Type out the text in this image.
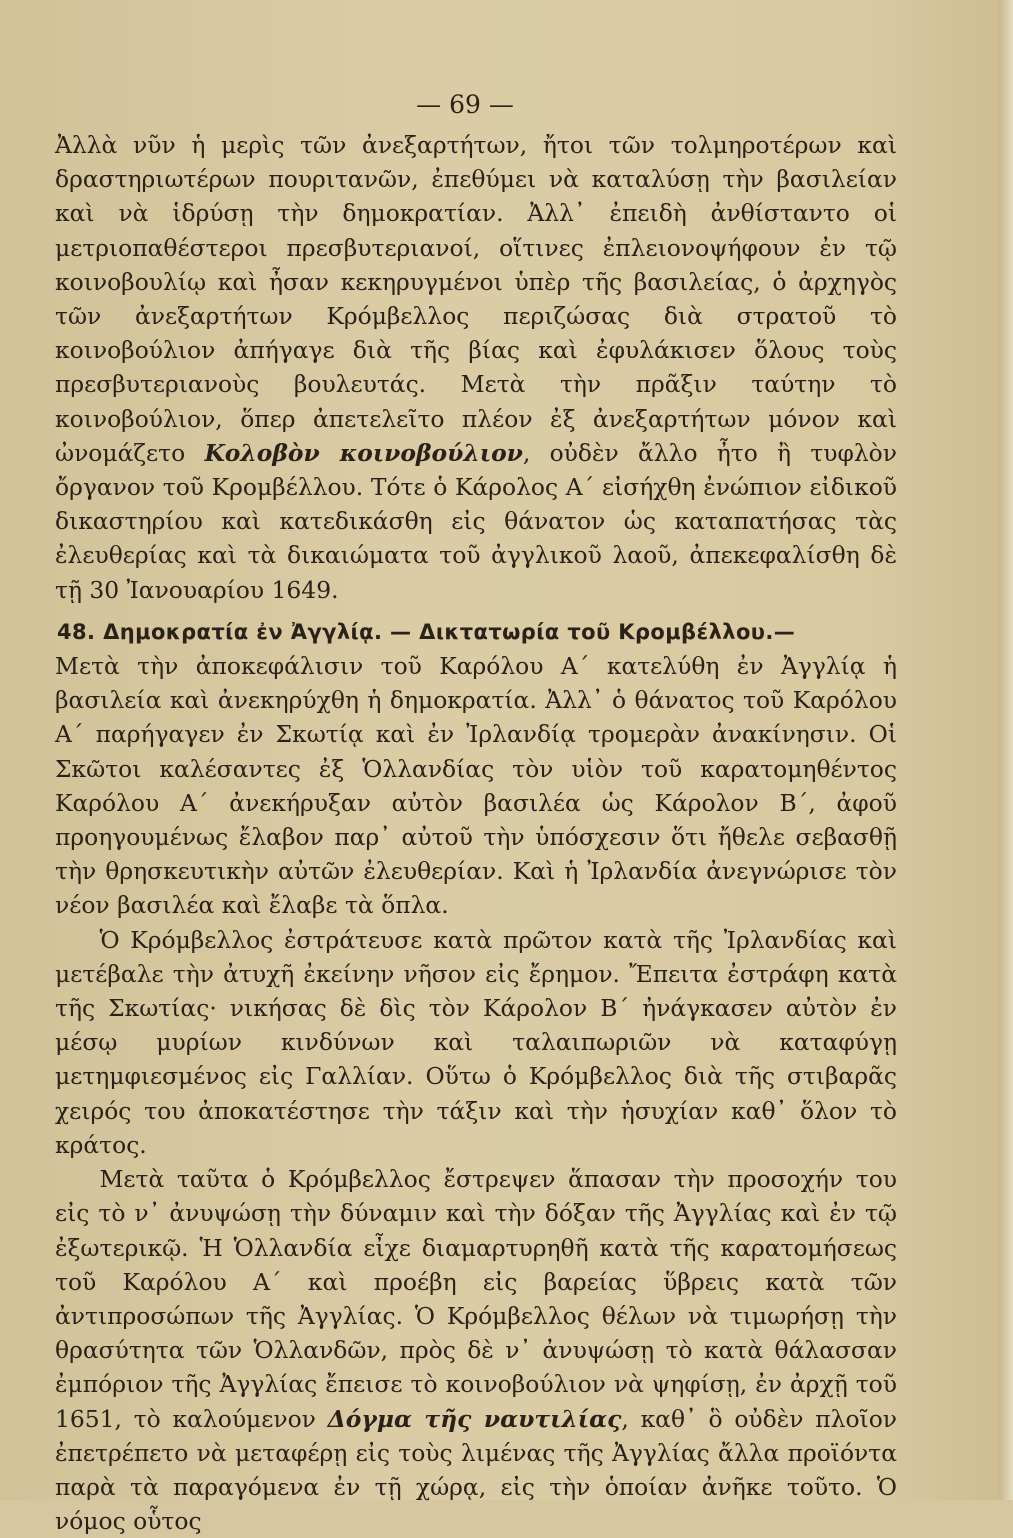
— 69 —

Ἀλλὰ νῦν ἡ μερὶς τῶν ἀνεξαρτήτων, ἤτοι τῶν τολμηροτέρων καὶ δραστηριωτέρων πουριτανῶν, ἐπεθύμει νὰ καταλύσῃ τὴν βασιλείαν καὶ νὰ ἱδρύσῃ τὴν δημοκρατίαν. Ἀλλ᾽ ἐπειδὴ ἀνθίσταντο οἱ μετριοπαθέστεροι πρεσβυτεριανοί, οἵτινες ἐπλειονοψήφουν ἐν τῷ κοινοβουλίῳ καὶ ἦσαν κεκηρυγμένοι ὑπὲρ τῆς βασιλείας, ὁ ἀρχηγὸς τῶν ἀνεξαρτήτων Κρόμβελλος περιζώσας διὰ στρατοῦ τὸ κοινοβούλιον ἀπήγαγε διὰ τῆς βίας καὶ ἐφυλάκισεν ὅλους τοὺς πρεσβυτεριανοὺς βουλευτάς. Μετὰ τὴν πρᾶξιν ταύτην τὸ κοινοβούλιον, ὅπερ ἀπετελεῖτο πλέον ἐξ ἀνεξαρτήτων μόνον καὶ ὠνομάζετο Κολοβὸν κοινοβούλιον, οὐδὲν ἄλλο ἦτο ἢ τυφλὸν ὄργανον τοῦ Κρομβέλλου. Τότε ὁ Κάρολος Α΄ εἰσήχθη ἐνώπιον εἰδικοῦ δικαστηρίου καὶ κατεδικάσθη εἰς θάνατον ὡς καταπατήσας τὰς ἐλευθερίας καὶ τὰ δικαιώματα τοῦ ἀγγλικοῦ λαοῦ, ἀπεκεφαλίσθη δὲ τῇ 30 Ἰανουαρίου 1649.

48. Δημοκρατία ἐν Ἀγγλίᾳ. — Δικτατωρία τοῦ Κρομβέλλου.—

Μετὰ τὴν ἀποκεφάλισιν τοῦ Καρόλου Α΄ κατελύθη ἐν Ἀγγλίᾳ ἡ βασιλεία καὶ ἀνεκηρύχθη ἡ δημοκρατία. Ἀλλ᾽ ὁ θάνατος τοῦ Καρόλου Α΄ παρήγαγεν ἐν Σκωτίᾳ καὶ ἐν Ἰρλανδίᾳ τρομερὰν ἀνακίνησιν. Οἱ Σκῶτοι καλέσαντες ἐξ Ὁλλανδίας τὸν υἱὸν τοῦ καρατομηθέντος Καρόλου Α΄ ἀνεκήρυξαν αὐτὸν βασιλέα ὡς Κάρολον Β΄, ἀφοῦ προηγουμένως ἔλαβον παρ᾽ αὐτοῦ τὴν ὑπόσχεσιν ὅτι ἤθελε σεβασθῇ τὴν θρησκευτικὴν αὐτῶν ἐλευθερίαν. Καὶ ἡ Ἰρλανδία ἀνεγνώρισε τὸν νέον βασιλέα καὶ ἔλαβε τὰ ὅπλα.

Ὁ Κρόμβελλος ἐστράτευσε κατὰ πρῶτον κατὰ τῆς Ἰρλανδίας καὶ μετέβαλε τὴν ἀτυχῆ ἐκείνην νῆσον εἰς ἔρημον. Ἔπειτα ἐστράφη κατὰ τῆς Σκωτίας· νικήσας δὲ δὶς τὸν Κάρολον Β΄ ἠνάγκασεν αὐτὸν ἐν μέσῳ μυρίων κινδύνων καὶ ταλαιπωριῶν νὰ καταφύγῃ μετημφιεσμένος εἰς Γαλλίαν. Οὕτω ὁ Κρόμβελλος διὰ τῆς στιβαρᾶς χειρός του ἀποκατέστησε τὴν τάξιν καὶ τὴν ἡσυχίαν καθ᾽ ὅλον τὸ κράτος.

Μετὰ ταῦτα ὁ Κρόμβελλος ἔστρεψεν ἅπασαν τὴν προσοχήν του εἰς τὸ ν᾽ ἀνυψώσῃ τὴν δύναμιν καὶ τὴν δόξαν τῆς Ἀγγλίας καὶ ἐν τῷ ἐξωτερικῷ. Ἡ Ὁλλανδία εἶχε διαμαρτυρηθῆ κατὰ τῆς καρατομήσεως τοῦ Καρόλου Α΄ καὶ προέβη εἰς βαρείας ὕβρεις κατὰ τῶν ἀντιπροσώπων τῆς Ἀγγλίας. Ὁ Κρόμβελλος θέλων νὰ τιμωρήσῃ τὴν θρασύτητα τῶν Ὁλλανδῶν, πρὸς δὲ ν᾽ ἀνυψώσῃ τὸ κατὰ θάλασσαν ἐμπόριον τῆς Ἀγγλίας ἔπεισε τὸ κοινοβούλιον νὰ ψηφίσῃ, ἐν ἀρχῇ τοῦ 1651, τὸ καλούμενον Δόγμα τῆς ναυτιλίας, καθ᾽ ὃ οὐδὲν πλοῖον ἐπετρέπετο νὰ μεταφέρῃ εἰς τοὺς λιμένας τῆς Ἀγγλίας ἄλλα προϊόντα παρὰ τὰ παραγόμενα ἐν τῇ χώρᾳ, εἰς τὴν ὁποίαν ἀνῆκε τοῦτο. Ὁ νόμος οὗτος
